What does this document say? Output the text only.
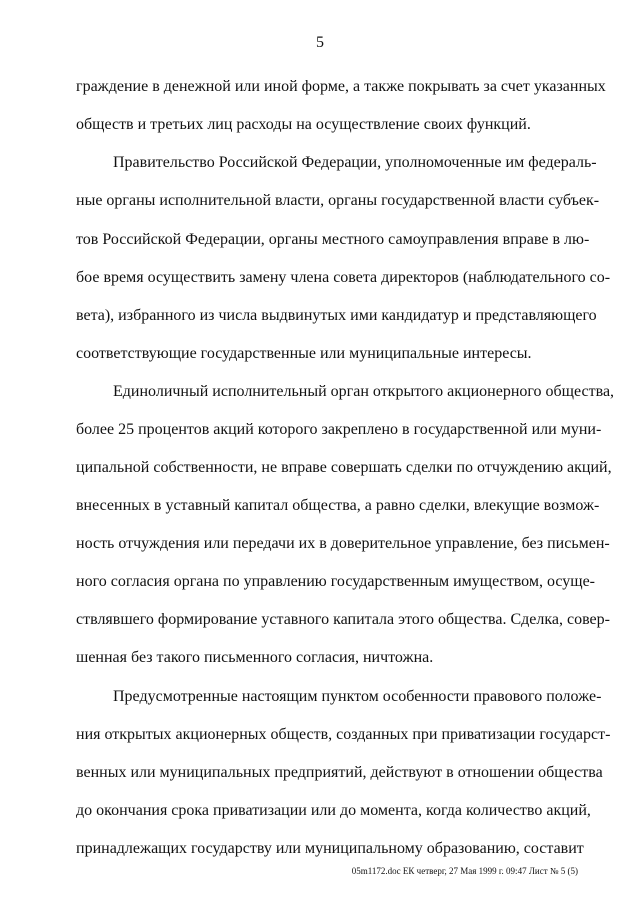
5
граждение в денежной или иной форме, а также покрывать за счет указанных
обществ и третьих лиц расходы на осуществление своих функций.
Правительство Российской Федерации, уполномоченные им федераль-
ные органы исполнительной власти, органы государственной власти субъек-
тов Российской Федерации, органы местного самоуправления вправе в лю-
бое время осуществить замену члена совета директоров (наблюдательного со-
вета), избранного из числа выдвинутых ими кандидатур и представляющего
соответствующие государственные или муниципальные интересы.
Единоличный исполнительный орган открытого акционерного общества,
более 25 процентов акций которого закреплено в государственной или муни-
ципальной собственности, не вправе совершать сделки по отчуждению акций,
внесенных в уставный капитал общества, а равно сделки, влекущие возмож-
ность отчуждения или передачи их в доверительное управление, без письмен-
ного согласия органа по управлению государственным имуществом, осуще-
ствлявшего формирование уставного капитала этого общества. Сделка, совер-
шенная без такого письменного согласия, ничтожна.
Предусмотренные настоящим пунктом особенности правового положе-
ния открытых акционерных обществ, созданных при приватизации государст-
венных или муниципальных предприятий, действуют в отношении общества
до окончания срока приватизации или до момента, когда количество акций,
принадлежащих государству или муниципальному образованию, составит
05m1172.doc ЕК четверг, 27 Мая 1999 г. 09:47 Лист № 5 (5)
